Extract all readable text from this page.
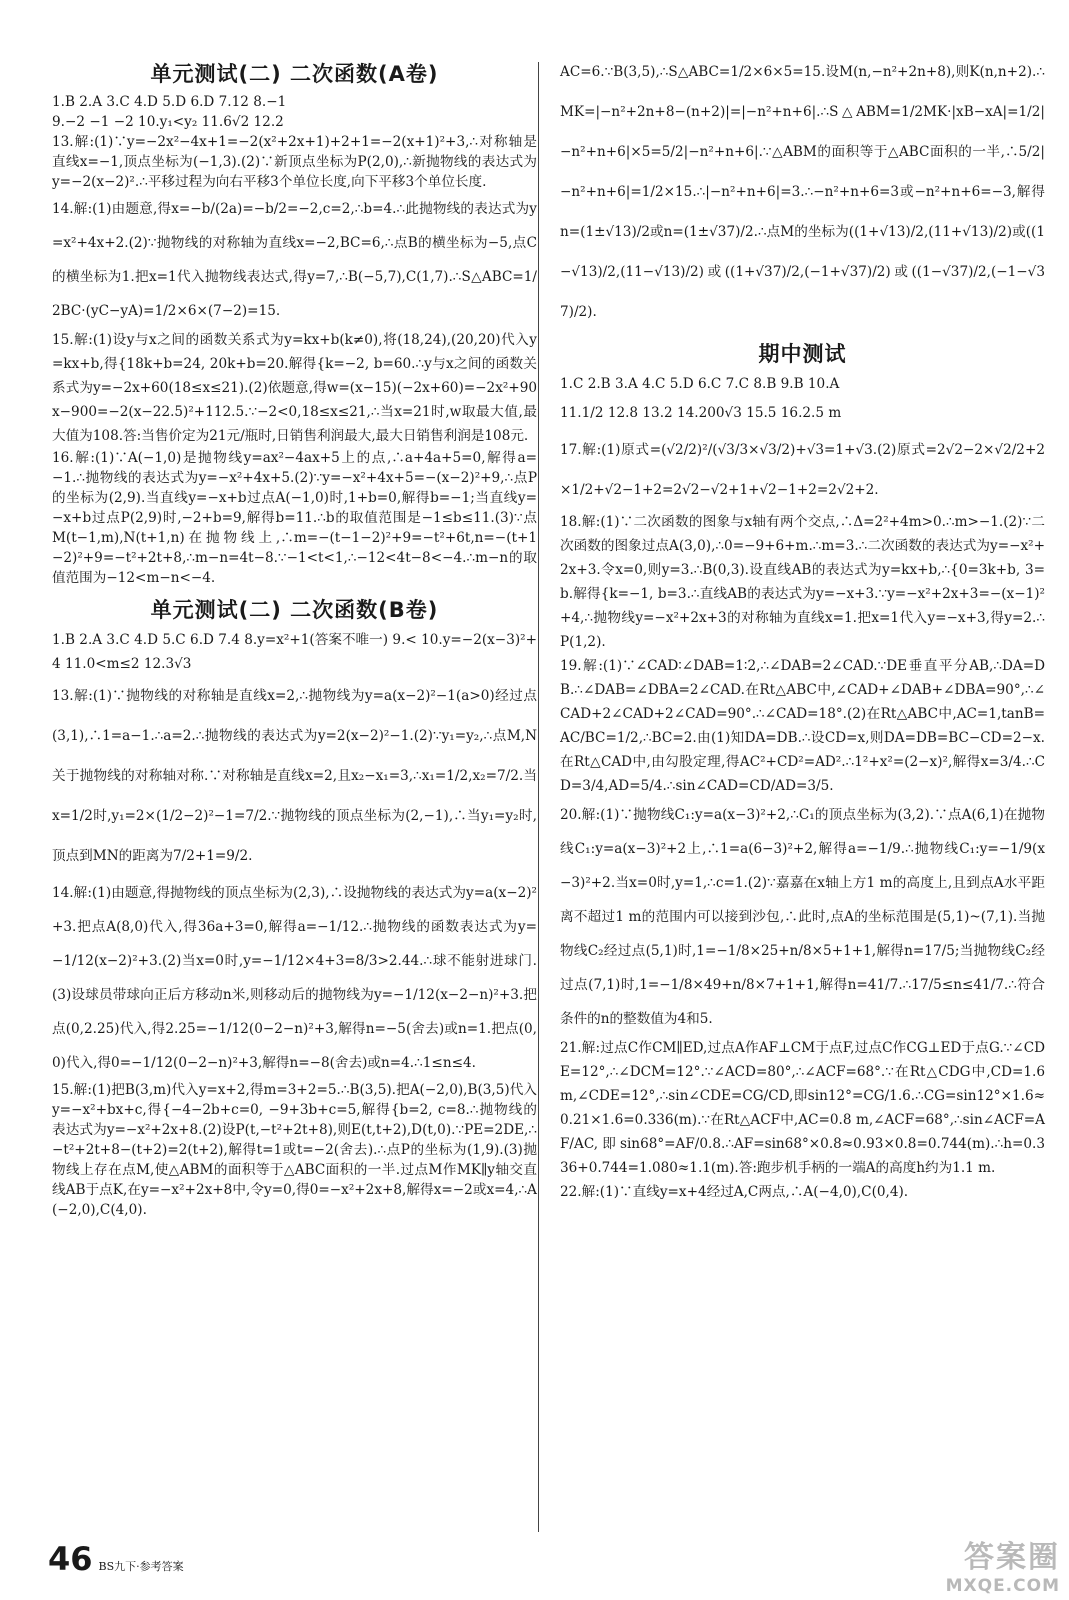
单元测试(二) 二次函数(A卷)

1.B 2.A 3.C 4.D 5.D 6.D 7.12 8.−1

9.−2 −1 −2 10.y₁<y₂ 11.6√2 12.2

13.解:(1)∵y=−2x²−4x+1=−2(x²+2x+1)+2+1=−2(x+1)²+3,∴对称轴是直线x=−1,顶点坐标为(−1,3).(2)∵新顶点坐标为P(2,0),∴新抛物线的表达式为y=−2(x−2)².∴平移过程为向右平移3个单位长度,向下平移3个单位长度.

14.解:(1)由题意,得x=−b/(2a)=−b/2=−2,c=2,∴b=4.∴此抛物线的表达式为y=x²+4x+2.(2)∵抛物线的对称轴为直线x=−2,BC=6,∴点B的横坐标为−5,点C的横坐标为1.把x=1代入抛物线表达式,得y=7,∴B(−5,7),C(1,7).∴S△ABC=1/2BC·(yC−yA)=1/2×6×(7−2)=15.

15.解:(1)设y与x之间的函数关系式为y=kx+b(k≠0),将(18,24),(20,20)代入y=kx+b,得{18k+b=24, 20k+b=20.解得{k=−2, b=60.∴y与x之间的函数关系式为y=−2x+60(18≤x≤21).(2)依题意,得w=(x−15)(−2x+60)=−2x²+90x−900=−2(x−22.5)²+112.5.∵−2<0,18≤x≤21,∴当x=21时,w取最大值,最大值为108.答:当售价定为21元/瓶时,日销售利润最大,最大日销售利润是108元.

16.解:(1)∵A(−1,0)是抛物线y=ax²−4ax+5上的点,∴a+4a+5=0,解得a=−1.∴抛物线的表达式为y=−x²+4x+5.(2)∵y=−x²+4x+5=−(x−2)²+9,∴点P的坐标为(2,9).当直线y=−x+b过点A(−1,0)时,1+b=0,解得b=−1;当直线y=−x+b过点P(2,9)时,−2+b=9,解得b=11.∴b的取值范围是−1≤b≤11.(3)∵点M(t−1,m),N(t+1,n)在抛物线上,∴m=−(t−1−2)²+9=−t²+6t,n=−(t+1−2)²+9=−t²+2t+8,∴m−n=4t−8.∵−1<t<1,∴−12<4t−8<−4.∴m−n的取值范围为−12<m−n<−4.

单元测试(二) 二次函数(B卷)

1.B 2.A 3.C 4.D 5.C 6.D 7.4 8.y=x²+1(答案不唯一) 9.< 10.y=−2(x−3)²+4 11.0<m≤2 12.3√3

13.解:(1)∵抛物线的对称轴是直线x=2,∴抛物线为y=a(x−2)²−1(a>0)经过点(3,1),∴1=a−1.∴a=2.∴抛物线的表达式为y=2(x−2)²−1.(2)∵y₁=y₂,∴点M,N关于抛物线的对称轴对称.∵对称轴是直线x=2,且x₂−x₁=3,∴x₁=1/2,x₂=7/2.当x=1/2时,y₁=2×(1/2−2)²−1=7/2.∵抛物线的顶点坐标为(2,−1),∴当y₁=y₂时,顶点到MN的距离为7/2+1=9/2.

14.解:(1)由题意,得抛物线的顶点坐标为(2,3),∴设抛物线的表达式为y=a(x−2)²+3.把点A(8,0)代入,得36a+3=0,解得a=−1/12.∴抛物线的函数表达式为y=−1/12(x−2)²+3.(2)当x=0时,y=−1/12×4+3=8/3>2.44.∴球不能射进球门.(3)设球员带球向正后方移动n米,则移动后的抛物线为y=−1/12(x−2−n)²+3.把点(0,2.25)代入,得2.25=−1/12(0−2−n)²+3,解得n=−5(舍去)或n=1.把点(0,0)代入,得0=−1/12(0−2−n)²+3,解得n=−8(舍去)或n=4.∴1≤n≤4.

15.解:(1)把B(3,m)代入y=x+2,得m=3+2=5.∴B(3,5).把A(−2,0),B(3,5)代入y=−x²+bx+c,得{−4−2b+c=0, −9+3b+c=5,解得{b=2, c=8.∴抛物线的表达式为y=−x²+2x+8.(2)设P(t,−t²+2t+8),则E(t,t+2),D(t,0).∵PE=2DE,∴−t²+2t+8−(t+2)=2(t+2),解得t=1或t=−2(舍去).∴点P的坐标为(1,9).(3)抛物线上存在点M,使△ABM的面积等于△ABC面积的一半.过点M作MK∥y轴交直线AB于点K,在y=−x²+2x+8中,令y=0,得0=−x²+2x+8,解得x=−2或x=4,∴A(−2,0),C(4,0).

AC=6.∵B(3,5),∴S△ABC=1/2×6×5=15.设M(n,−n²+2n+8),则K(n,n+2).∴MK=|−n²+2n+8−(n+2)|=|−n²+n+6|.∴S△ABM=1/2MK·|xB−xA|=1/2|−n²+n+6|×5=5/2|−n²+n+6|.∵△ABM的面积等于△ABC面积的一半,∴5/2|−n²+n+6|=1/2×15.∴|−n²+n+6|=3.∴−n²+n+6=3或−n²+n+6=−3,解得n=(1±√13)/2或n=(1±√37)/2.∴点M的坐标为((1+√13)/2,(11+√13)/2)或((1−√13)/2,(11−√13)/2)或((1+√37)/2,(−1+√37)/2)或((1−√37)/2,(−1−√37)/2).

期中测试

1.C 2.B 3.A 4.C 5.D 6.C 7.C 8.B 9.B 10.A

11.1/2 12.8 13.2 14.200√3 15.5 16.2.5 m

17.解:(1)原式=(√2/2)²/(√3/3×√3/2)+√3=1+√3.(2)原式=2√2−2×√2/2+2×1/2+√2−1+2=2√2−√2+1+√2−1+2=2√2+2.

18.解:(1)∵二次函数的图象与x轴有两个交点,∴Δ=2²+4m>0.∴m>−1.(2)∵二次函数的图象过点A(3,0),∴0=−9+6+m.∴m=3.∴二次函数的表达式为y=−x²+2x+3.令x=0,则y=3.∴B(0,3).设直线AB的表达式为y=kx+b,∴{0=3k+b, 3=b.解得{k=−1, b=3.∴直线AB的表达式为y=−x+3.∵y=−x²+2x+3=−(x−1)²+4,∴抛物线y=−x²+2x+3的对称轴为直线x=1.把x=1代入y=−x+3,得y=2.∴P(1,2).

19.解:(1)∵∠CAD∶∠DAB=1∶2,∴∠DAB=2∠CAD.∵DE垂直平分AB,∴DA=DB.∴∠DAB=∠DBA=2∠CAD.在Rt△ABC中,∠CAD+∠DAB+∠DBA=90°,∴∠CAD+2∠CAD+2∠CAD=90°.∴∠CAD=18°.(2)在Rt△ABC中,AC=1,tanB=AC/BC=1/2,∴BC=2.由(1)知DA=DB.∴设CD=x,则DA=DB=BC−CD=2−x.在Rt△CAD中,由勾股定理,得AC²+CD²=AD².∴1²+x²=(2−x)²,解得x=3/4.∴CD=3/4,AD=5/4.∴sin∠CAD=CD/AD=3/5.

20.解:(1)∵抛物线C₁:y=a(x−3)²+2,∴C₁的顶点坐标为(3,2).∵点A(6,1)在抛物线C₁:y=a(x−3)²+2上,∴1=a(6−3)²+2,解得a=−1/9.∴抛物线C₁:y=−1/9(x−3)²+2.当x=0时,y=1,∴c=1.(2)∵嘉嘉在x轴上方1 m的高度上,且到点A水平距离不超过1 m的范围内可以接到沙包,∴此时,点A的坐标范围是(5,1)~(7,1).当抛物线C₂经过点(5,1)时,1=−1/8×25+n/8×5+1+1,解得n=17/5;当抛物线C₂经过点(7,1)时,1=−1/8×49+n/8×7+1+1,解得n=41/7.∴17/5≤n≤41/7.∴符合条件的n的整数值为4和5.

21.解:过点C作CM∥ED,过点A作AF⊥CM于点F,过点C作CG⊥ED于点G.∵∠CDE=12°,∴∠DCM=12°.∵∠ACD=80°,∴∠ACF=68°.∵在Rt△CDG中,CD=1.6 m,∠CDE=12°,∴sin∠CDE=CG/CD,即sin12°=CG/1.6.∴CG=sin12°×1.6≈0.21×1.6=0.336(m).∵在Rt△ACF中,AC=0.8 m,∠ACF=68°,∴sin∠ACF=AF/AC,即sin68°=AF/0.8.∴AF=sin68°×0.8≈0.93×0.8=0.744(m).∴h=0.336+0.744=1.080≈1.1(m).答:跑步机手柄的一端A的高度h约为1.1 m.

22.解:(1)∵直线y=x+4经过A,C两点,∴A(−4,0),C(0,4).

46 BS九下·参考答案	答案圈
MXQE.COM
